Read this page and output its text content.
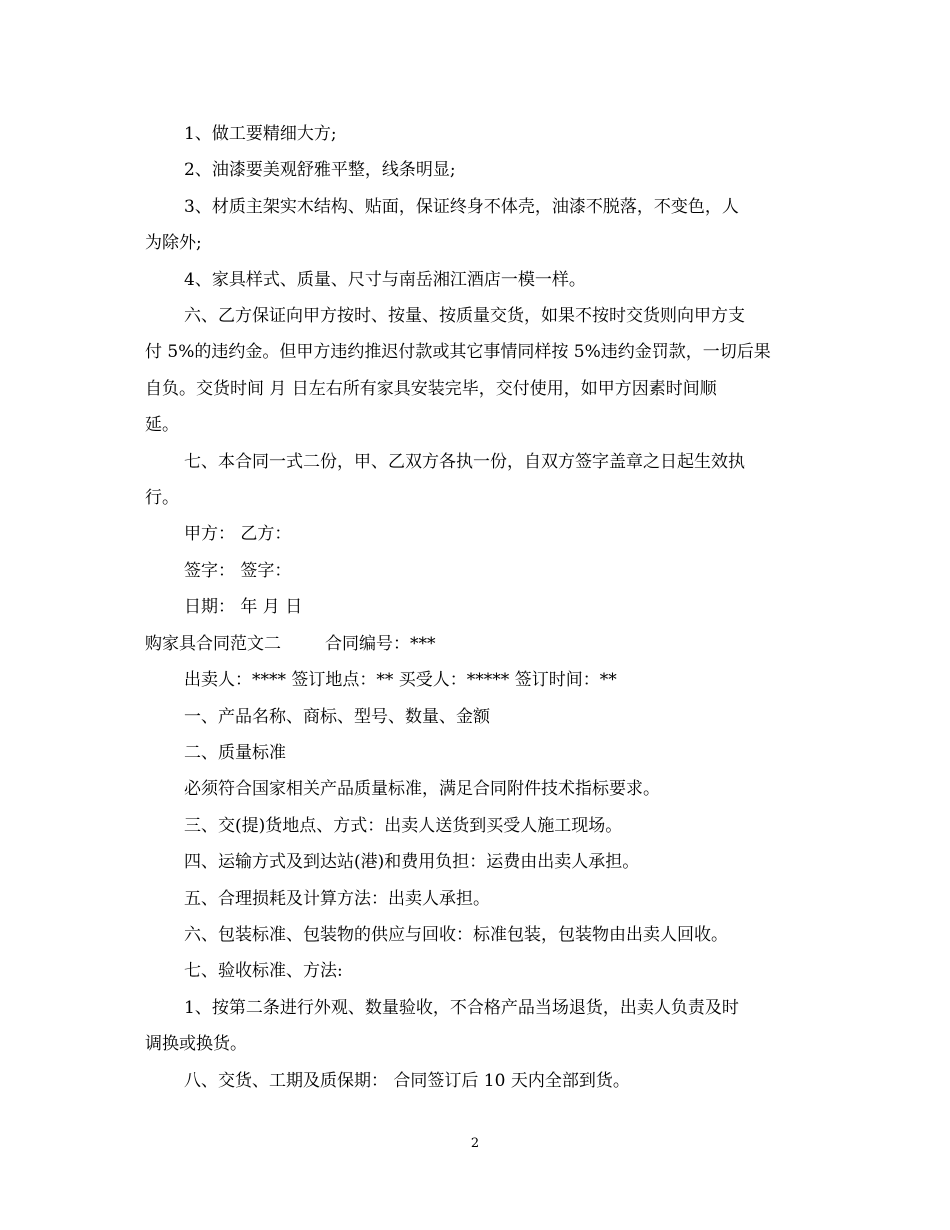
1、做工要精细大方;

2、油漆要美观舒雅平整，线条明显;

3、材质主架实木结构、贴面，保证终身不体壳，油漆不脱落，不变色，人

为除外;

4、家具样式、质量、尺寸与南岳湘江酒店一模一样。

六、乙方保证向甲方按时、按量、按质量交货，如果不按时交货则向甲方支

付 5%的违约金。但甲方违约推迟付款或其它事情同样按 5%违约金罚款，一切后果

自负。交货时间 月 日左右所有家具安装完毕，交付使用，如甲方因素时间顺

延。

七、本合同一式二份，甲、乙双方各执一份，自双方签字盖章之日起生效执

行。

甲方： 乙方：

签字： 签字：

日期： 年 月 日

购家具合同范文二	合同编号：***

出卖人：**** 签订地点：** 买受人：***** 签订时间：**

一、产品名称、商标、型号、数量、金额

二、质量标准

必须符合国家相关产品质量标准，满足合同附件技术指标要求。

三、交(提)货地点、方式：出卖人送货到买受人施工现场。

四、运输方式及到达站(港)和费用负担：运费由出卖人承担。

五、合理损耗及计算方法：出卖人承担。

六、包装标准、包装物的供应与回收：标准包装，包装物由出卖人回收。

七、验收标准、方法:

1、按第二条进行外观、数量验收，不合格产品当场退货，出卖人负责及时

调换或换货。

八、交货、工期及质保期： 合同签订后 10 天内全部到货。

2
